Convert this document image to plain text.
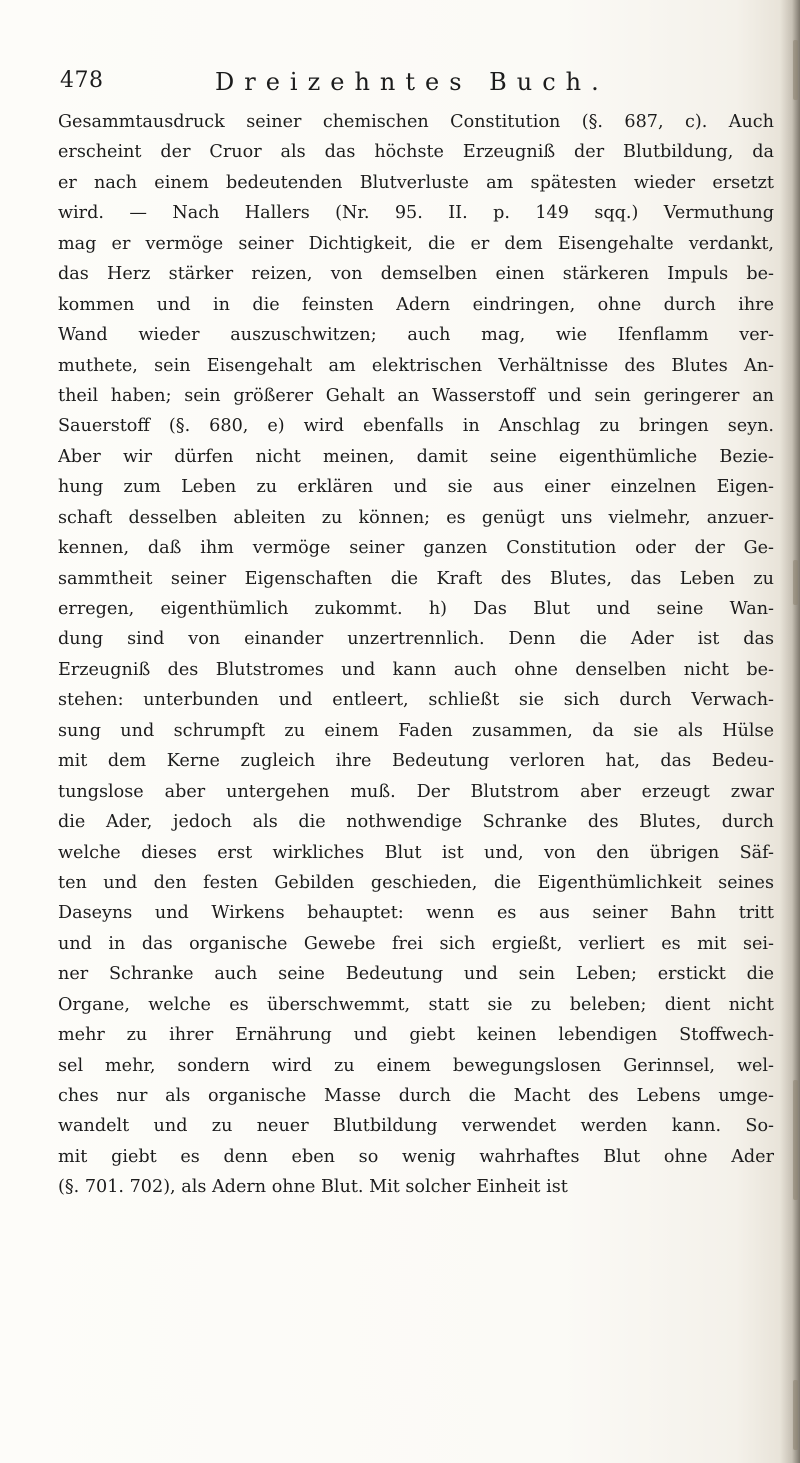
478	Dreizehntes Buch.
Gesammtausdruck seiner chemischen Constitution (§. 687, c). Auch
erscheint der Cruor als das höchste Erzeugniß der Blutbildung, da
er nach einem bedeutenden Blutverluste am spätesten wieder ersetzt
wird. — Nach Hallers (Nr. 95. II. p. 149 sqq.) Vermuthung
mag er vermöge seiner Dichtigkeit, die er dem Eisengehalte verdankt,
das Herz stärker reizen, von demselben einen stärkeren Impuls be-
kommen und in die feinsten Adern eindringen, ohne durch ihre
Wand wieder auszuschwitzen; auch mag, wie Ifenflamm ver-
muthete, sein Eisengehalt am elektrischen Verhältnisse des Blutes An-
theil haben; sein größerer Gehalt an Wasserstoff und sein geringerer an
Sauerstoff (§. 680, e) wird ebenfalls in Anschlag zu bringen seyn.
Aber wir dürfen nicht meinen, damit seine eigenthümliche Bezie-
hung zum Leben zu erklären und sie aus einer einzelnen Eigen-
schaft desselben ableiten zu können; es genügt uns vielmehr, anzuer-
kennen, daß ihm vermöge seiner ganzen Constitution oder der Ge-
sammtheit seiner Eigenschaften die Kraft des Blutes, das Leben zu
erregen, eigenthümlich zukommt. h) Das Blut und seine Wan-
dung sind von einander unzertrennlich. Denn die Ader ist das
Erzeugniß des Blutstromes und kann auch ohne denselben nicht be-
stehen: unterbunden und entleert, schließt sie sich durch Verwach-
sung und schrumpft zu einem Faden zusammen, da sie als Hülse
mit dem Kerne zugleich ihre Bedeutung verloren hat, das Bedeu-
tungslose aber untergehen muß. Der Blutstrom aber erzeugt zwar
die Ader, jedoch als die nothwendige Schranke des Blutes, durch
welche dieses erst wirkliches Blut ist und, von den übrigen Säf-
ten und den festen Gebilden geschieden, die Eigenthümlichkeit seines
Daseyns und Wirkens behauptet: wenn es aus seiner Bahn tritt
und in das organische Gewebe frei sich ergießt, verliert es mit sei-
ner Schranke auch seine Bedeutung und sein Leben; erstickt die
Organe, welche es überschwemmt, statt sie zu beleben; dient nicht
mehr zu ihrer Ernährung und giebt keinen lebendigen Stoffwech-
sel mehr, sondern wird zu einem bewegungslosen Gerinnsel, wel-
ches nur als organische Masse durch die Macht des Lebens umge-
wandelt und zu neuer Blutbildung verwendet werden kann. So-
mit giebt es denn eben so wenig wahrhaftes Blut ohne Ader
(§. 701. 702), als Adern ohne Blut. Mit solcher Einheit ist
